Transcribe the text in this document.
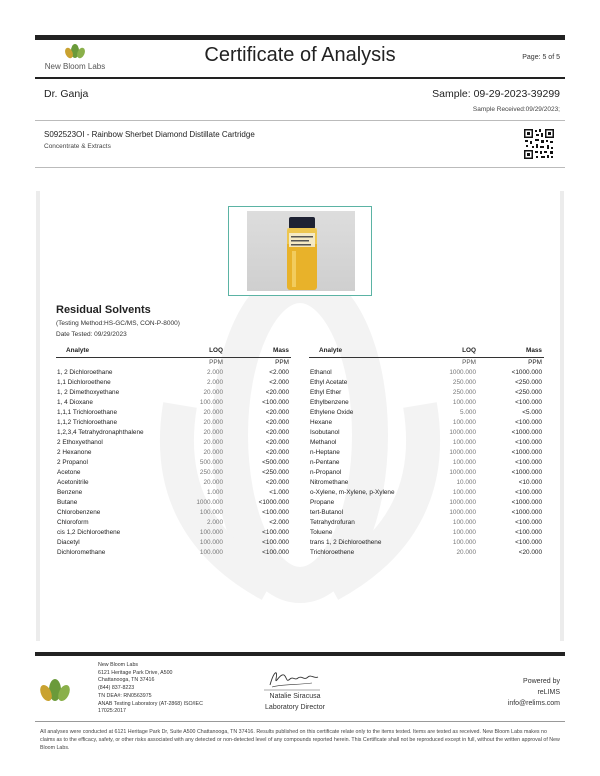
New Bloom Labs
Certificate of Analysis	Page: 5 of 5
Dr. Ganja	Sample: 09-29-2023-39299
Sample Received:09/29/2023;
S092523OI - Rainbow Sherbet Diamond Distillate Cartridge
Concentrate & Extracts
Residual Solvents
(Testing Method:HS-GC/MS, CON-P-8000)
Date Tested: 09/29/2023
Analyte	LOQ	Mass
	PPM	PPM
1, 2 Dichloroethane	2.000	<2.000
1,1 Dichloroethene	2.000	<2.000
1, 2 Dimethoxyethane	20.000	<20.000
1, 4 Dioxane	100.000	<100.000
1,1,1 Trichloroethane	20.000	<20.000
1,1,2 Trichloroethane	20.000	<20.000
1,2,3,4 Tetrahydronaphthalene	20.000	<20.000
2 Ethoxyethanol	20.000	<20.000
2 Hexanone	20.000	<20.000
2 Propanol	500.000	<500.000
Acetone	250.000	<250.000
Acetonitrile	20.000	<20.000
Benzene	1.000	<1.000
Butane	1000.000	<1000.000
Chlorobenzene	100.000	<100.000
Chloroform	2.000	<2.000
cis 1,2 Dichloroethene	100.000	<100.000
Diacetyl	100.000	<100.000
Dichloromethane	100.000	<100.000
Analyte	LOQ	Mass
	PPM	PPM
Ethanol	1000.000	<1000.000
Ethyl Acetate	250.000	<250.000
Ethyl Ether	250.000	<250.000
Ethylbenzene	100.000	<100.000
Ethylene Oxide	5.000	<5.000
Hexane	100.000	<100.000
Isobutanol	1000.000	<1000.000
Methanol	100.000	<100.000
n-Heptane	1000.000	<1000.000
n-Pentane	100.000	<100.000
n-Propanol	1000.000	<1000.000
Nitromethane	10.000	<10.000
o-Xylene, m-Xylene, p-Xylene	100.000	<100.000
Propane	1000.000	<1000.000
tert-Butanol	1000.000	<1000.000
Tetrahydrofuran	100.000	<100.000
Toluene	100.000	<100.000
trans 1, 2 Dichloroethene	100.000	<100.000
Trichloroethene	20.000	<20.000
New Bloom Labs
6121 Heritage Park Drive, A500
Chattanooga, TN 37416
(844) 837-8223
TN DEA#: RN0563975
ANAB Testing Laboratory (AT-2868) ISO/IEC
17025:2017
Natalie Siracusa
Laboratory Director
Powered by
reLIMS
info@relims.com
All analyses were conducted at 6121 Heritage Park Dr, Suite A500 Chattanooga, TN 37416. Results published on this certificate relate only to the items tested. Items are tested as received. New Bloom Labs makes no claims as to the efficacy, safety, or other risks associated with any detected or non-detected level of any compounds reported herein. This Certificate shall not be reproduced except in full, without the written approval of New Bloom Labs.
